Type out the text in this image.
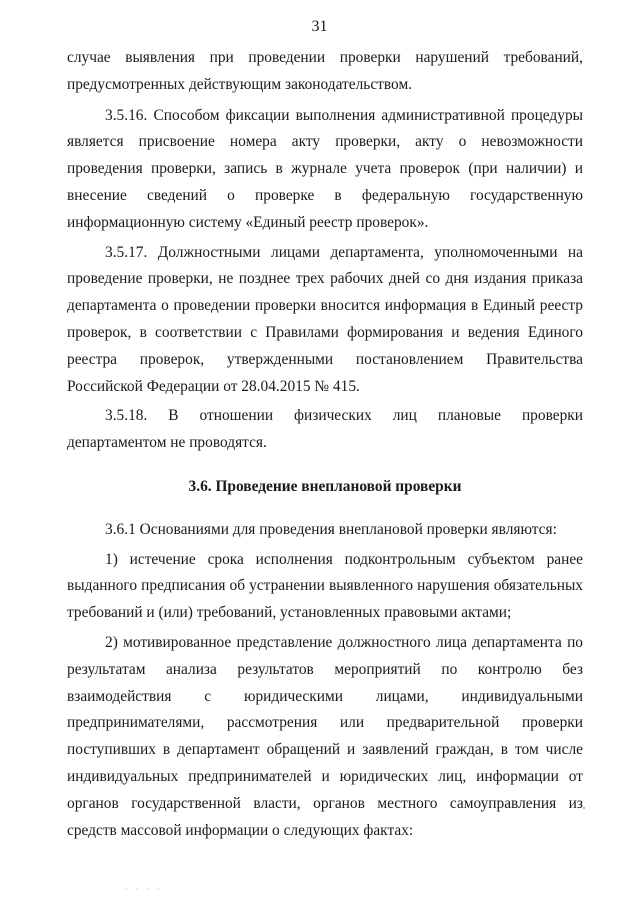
31

случае выявления при проведении проверки нарушений требований, предусмотренных действующим законодательством.

3.5.16. Способом фиксации выполнения административной процедуры является присвоение номера акту проверки, акту о невозможности проведения проверки, запись в журнале учета проверок (при наличии) и внесение сведений о проверке в федеральную государственную информационную систему «Единый реестр проверок».

3.5.17. Должностными лицами департамента, уполномоченными на проведение проверки, не позднее трех рабочих дней со дня издания приказа департамента о проведении проверки вносится информация в Единый реестр проверок, в соответствии с Правилами формирования и ведения Единого реестра проверок, утвержденными постановлением Правительства Российской Федерации от 28.04.2015 № 415.

3.5.18. В отношении физических лиц плановые проверки департаментом не проводятся.

3.6. Проведение внеплановой проверки

3.6.1 Основаниями для проведения внеплановой проверки являются:

1) истечение срока исполнения подконтрольным субъектом ранее выданного предписания об устранении выявленного нарушения обязательных требований и (или) требований, установленных правовыми актами;

2) мотивированное представление должностного лица департамента по результатам анализа результатов мероприятий по контролю без взаимодействия с юридическими лицами, индивидуальными предпринимателями, рассмотрения или предварительной проверки поступивших в департамент обращений и заявлений граждан, в том числе индивидуальных предпринимателей и юридических лиц, информации от органов государственной власти, органов местного самоуправления из средств массовой информации о следующих фактах:

· · · ·
